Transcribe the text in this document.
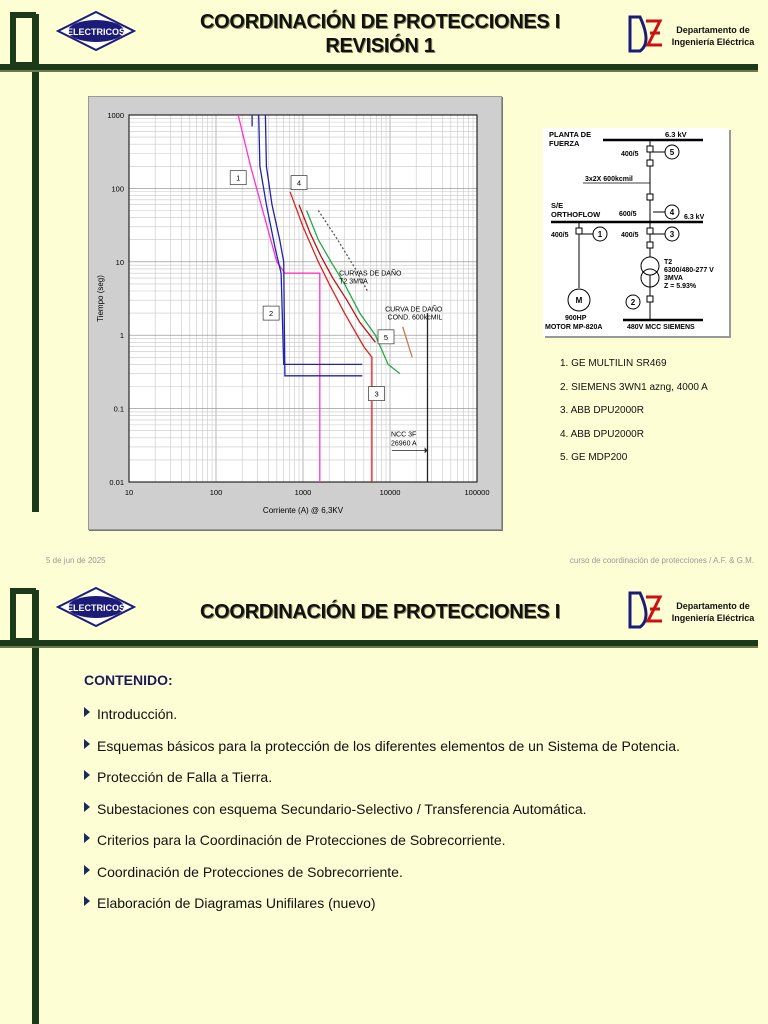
ELECTRICOS	COORDINACIÓN DE PROTECCIONES I
REVISIÓN 1
Departamento de
Ingeniería Eléctrica
10	100	1000	10000	100000
0.01
0.1
1
10
100
1000
Corriente (A) @ 6,3KV
Tiempo (seg)
1
4
2
5
3
CURVAS DE DAÑO
T2 3MVA
CURVA DE DAÑO
COND. 600kcMIL
NCC 3F
26960 A
PLANTA DE
FUERZA
6.3 kV
400/5	5
3x2X 600kcmil
S/E
ORTHOFLOW	600/5	4
6.3 kV
400/5	1	400/5	3
T2
6300/480-277 V
3MVA
Z = 5.93%
2
M
900HP
MOTOR MP-820A	480V MCC SIEMENS
1. GE MULTILIN SR469
2. SIEMENS 3WN1 azng, 4000 A
3. ABB DPU2000R
4. ABB DPU2000R
5. GE MDP200
5 de jun de 2025	curso de coordinación de protecciones / A.F. & G.M.
ELECTRICOS	COORDINACIÓN DE PROTECCIONES I	Departamento de
Ingeniería Eléctrica
CONTENIDO:
Introducción.
Esquemas básicos para la protección de los diferentes elementos de un Sistema de Potencia.
Protección de Falla a Tierra.
Subestaciones con esquema Secundario-Selectivo / Transferencia Automática.
Criterios para la Coordinación de Protecciones de Sobrecorriente.
Coordinación de Protecciones de Sobrecorriente.
Elaboración de Diagramas Unifilares (nuevo)
